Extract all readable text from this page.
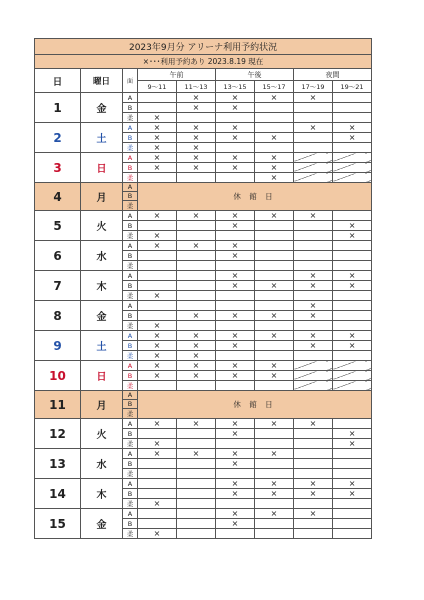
2023年9月分 アリーナ利用予約状況								
×･･･利用予約あり 2023.8.19 現在								
日	曜日	面	午前		午後		夜間	
			9～11	11～13	13～15	15～17	17～19	19～21
1	金	A		×	×	×	×	
		B		×	×			
		柔	×					
2	土	A	×	×	×		×	×
		B	×	×	×	×		×
		柔	×	×				
3	日	A	×	×	×	×		
		B	×	×	×	×		
		柔				×		
4	月	A	休 館 日					
		B						
		柔						
5	火	A	×	×	×	×	×	
		B			×			×
		柔	×					×
6	水	A	×	×	×			
		B			×			
		柔						
7	木	A			×		×	×
		B			×	×	×	×
		柔	×					
8	金	A					×	
		B		×	×	×	×	
		柔	×					
9	土	A	×	×	×	×	×	×
		B	×	×	×		×	×
		柔	×	×				
10	日	A	×	×	×	×		
		B	×	×	×	×		
		柔						
11	月	A	休 館 日					
		B						
		柔						
12	火	A	×	×	×	×	×	
		B			×			×
		柔	×					×
13	水	A	×	×	×	×		
		B			×			
		柔						
14	木	A			×	×	×	×
		B			×	×	×	×
		柔	×					
15	金	A			×	×	×	
		B			×			
		柔	×					
